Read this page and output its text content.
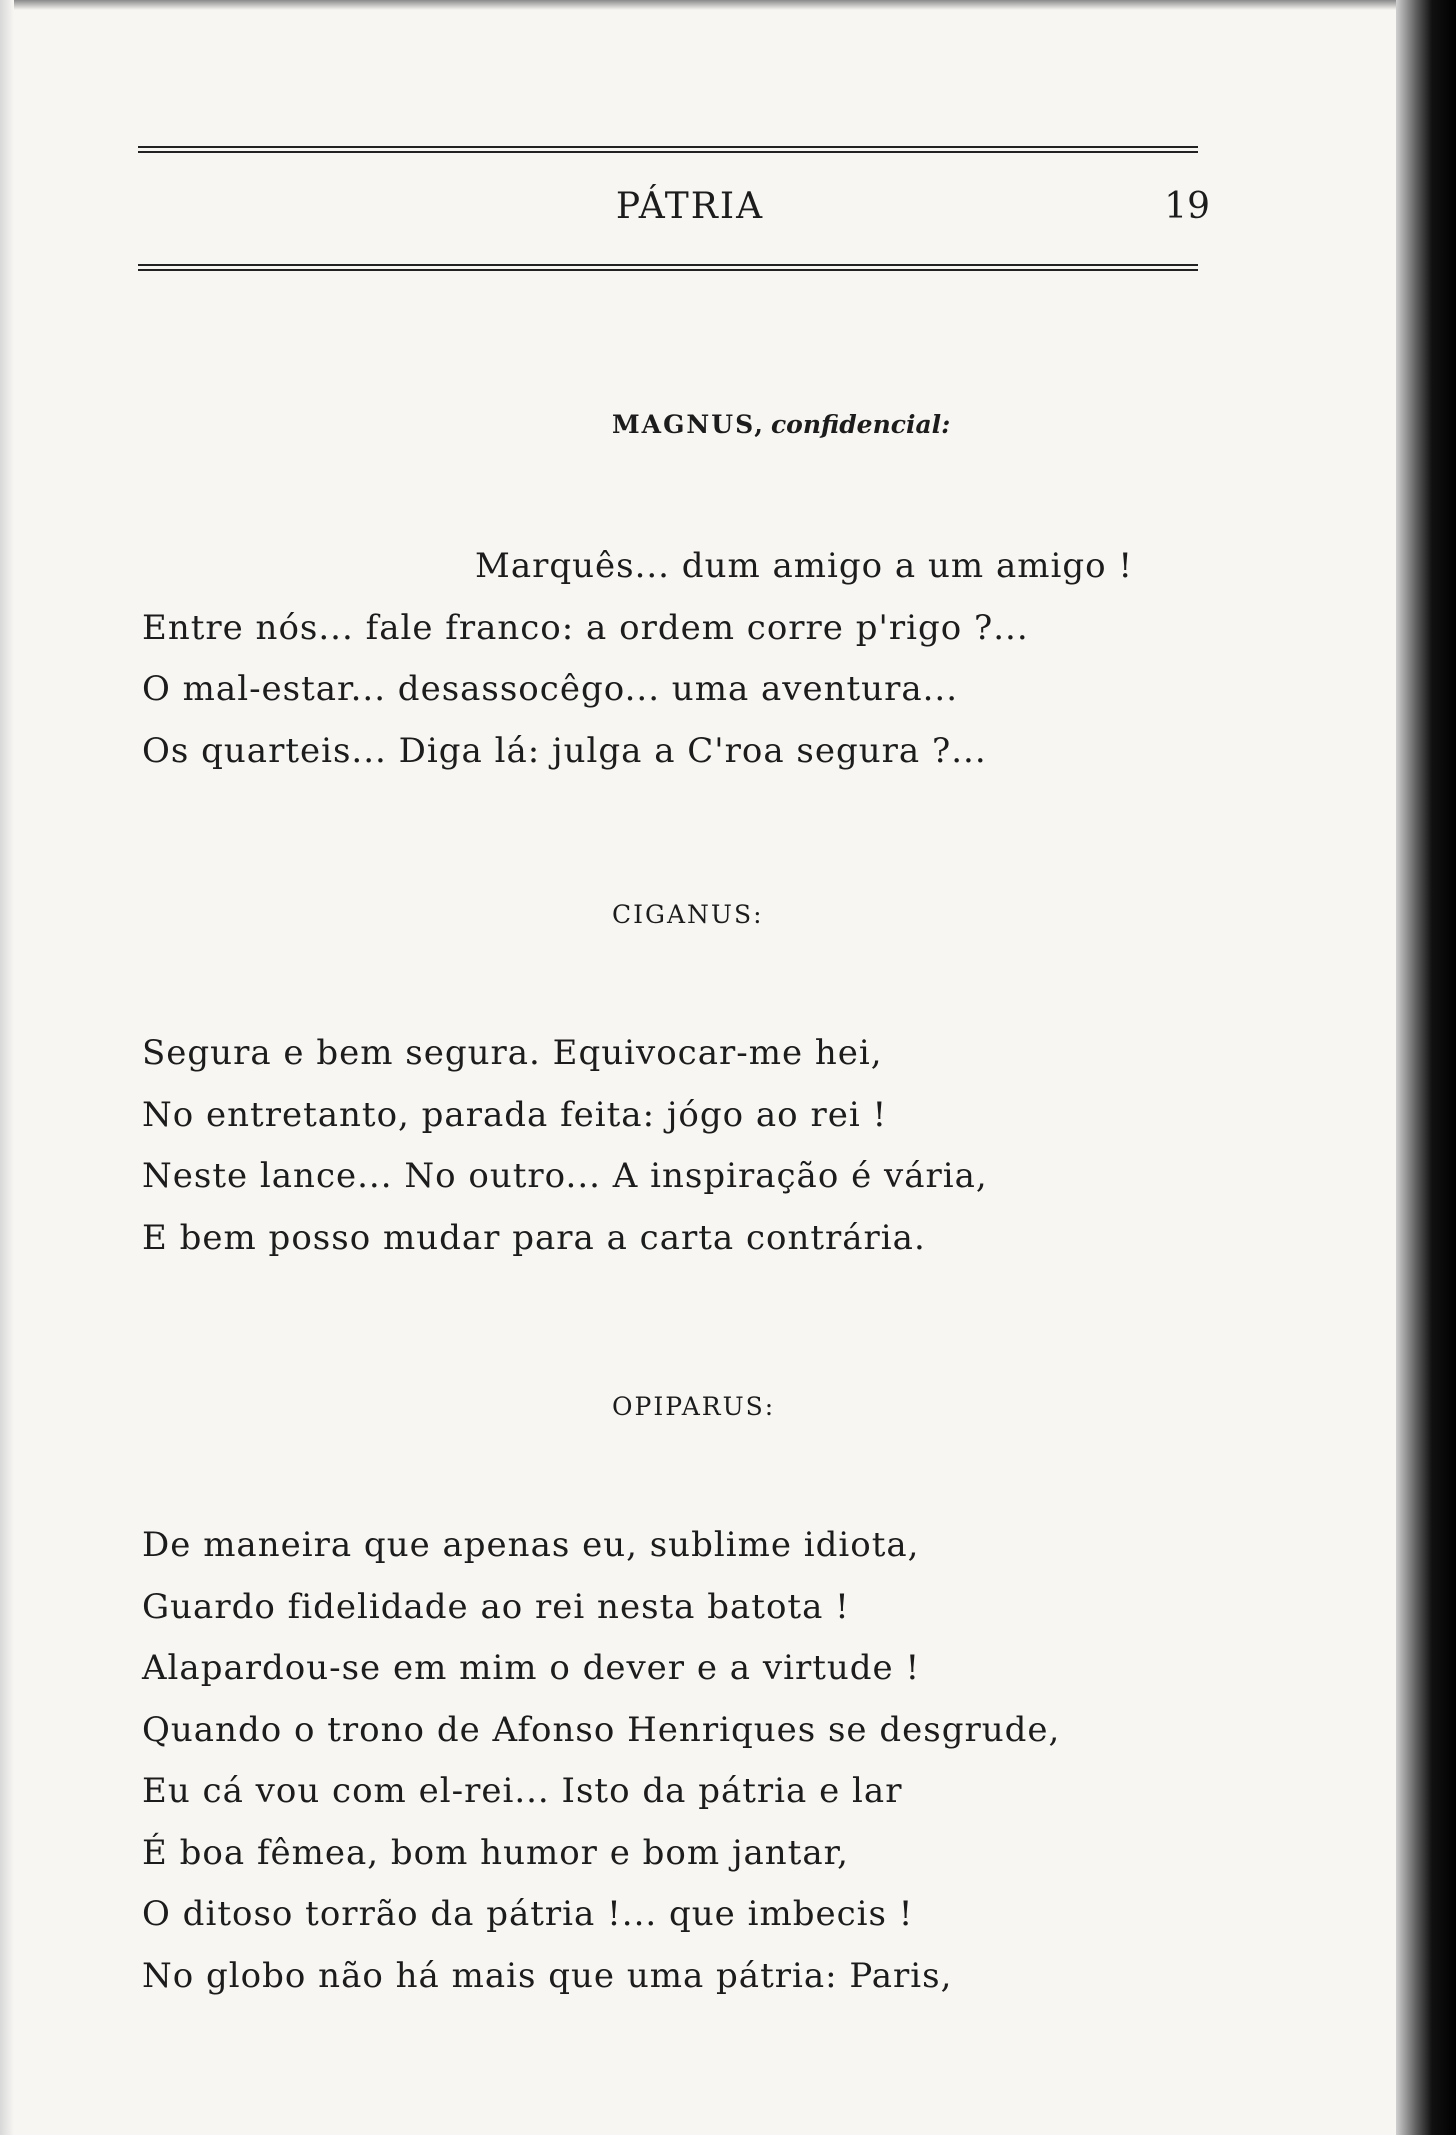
PÁTRIA	19
MAGNUS, confidencial:
Marquês... dum amigo a um amigo !
Entre nós... fale franco: a ordem corre p'rigo ?...
O mal-estar... desassocêgo... uma aventura...
Os quarteis... Diga lá: julga a C'roa segura ?...
CIGANUS:
Segura e bem segura. Equivocar-me hei,
No entretanto, parada feita: jógo ao rei !
Neste lance... No outro... A inspiração é vária,
E bem posso mudar para a carta contrária.
OPIPARUS:
De maneira que apenas eu, sublime idiota,
Guardo fidelidade ao rei nesta batota !
Alapardou-se em mim o dever e a virtude !
Quando o trono de Afonso Henriques se desgrude,
Eu cá vou com el-rei... Isto da pátria e lar
É boa fêmea, bom humor e bom jantar,
O ditoso torrão da pátria !... que imbecis !
No globo não há mais que uma pátria: Paris,
